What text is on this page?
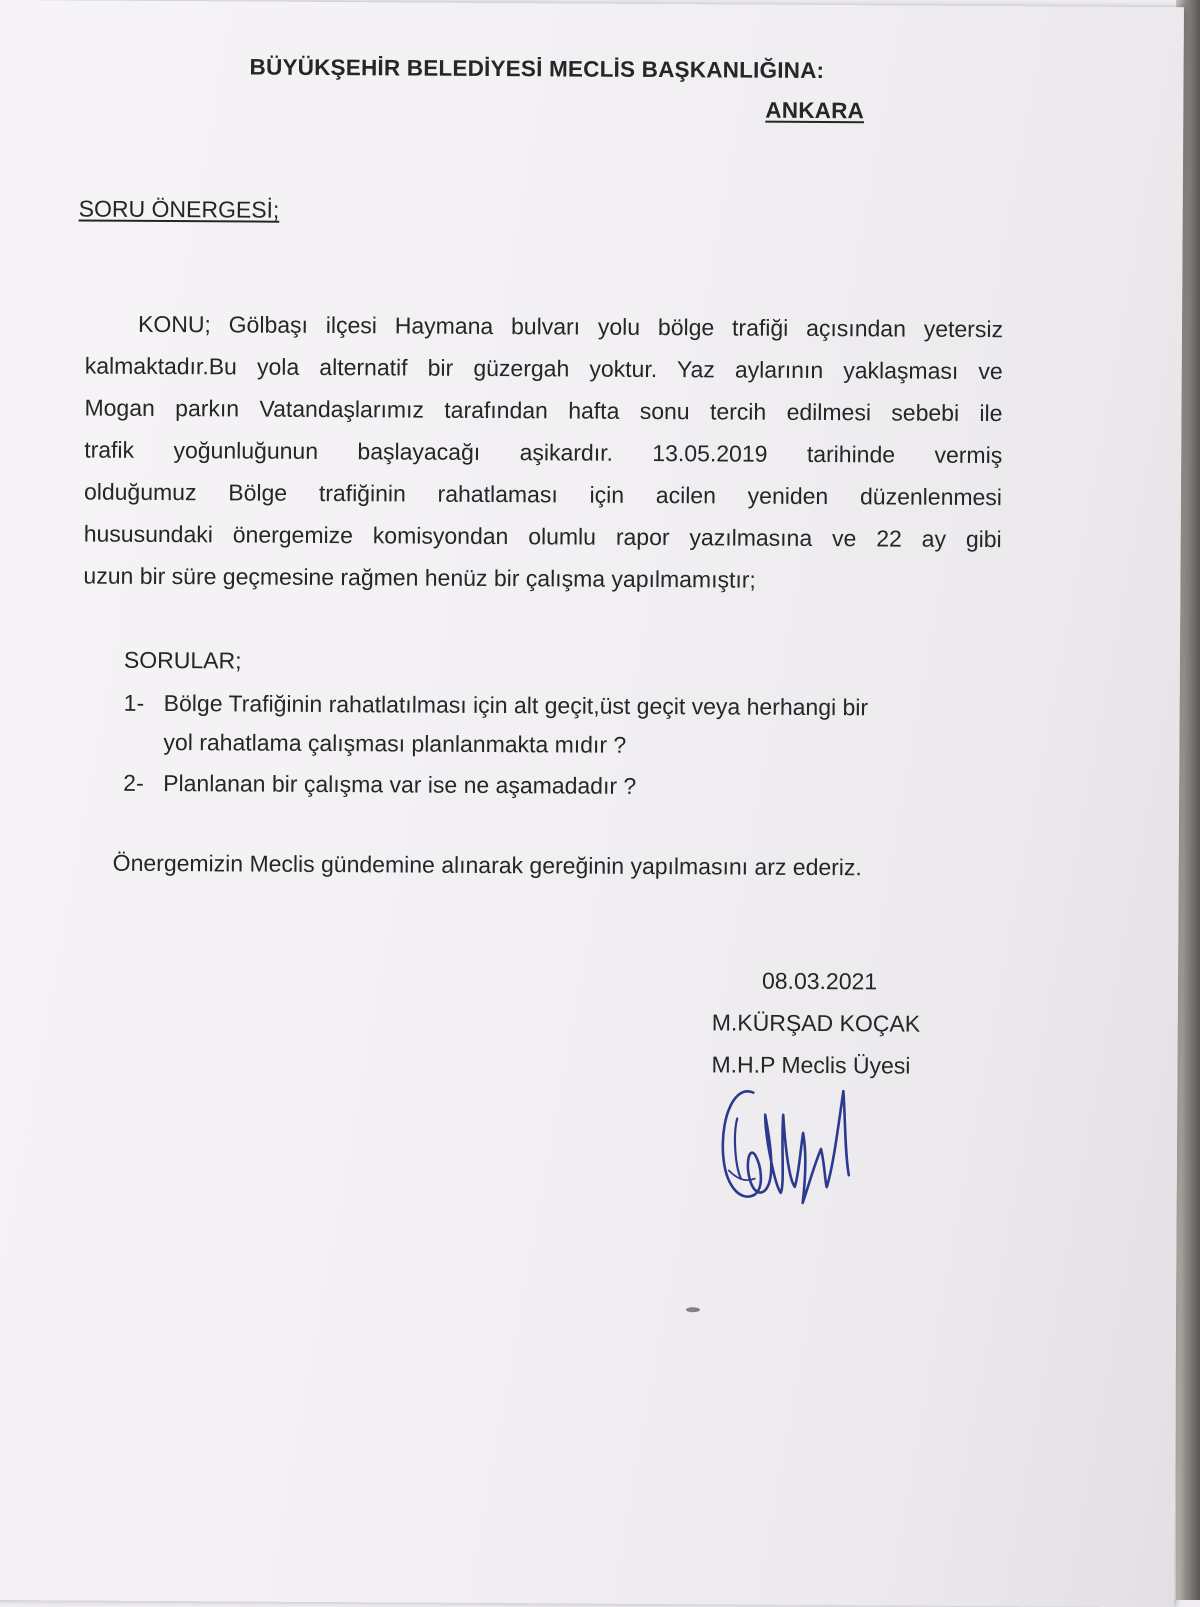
BÜYÜKŞEHİR BELEDİYESİ MECLİS BAŞKANLIĞINA:
ANKARA
SORU ÖNERGESİ;
KONU; Gölbaşı ilçesi Haymana bulvarı yolu bölge trafiği açısından yetersiz
kalmaktadır.Bu yola alternatif bir güzergah yoktur. Yaz aylarının yaklaşması ve
Mogan parkın Vatandaşlarımız tarafından hafta sonu tercih edilmesi sebebi ile
trafik yoğunluğunun başlayacağı aşikardır. 13.05.2019 tarihinde vermiş
olduğumuz Bölge trafiğinin rahatlaması için acilen yeniden düzenlenmesi
hususundaki önergemize komisyondan olumlu rapor yazılmasına ve 22 ay gibi
uzun bir süre geçmesine rağmen henüz bir çalışma yapılmamıştır;
SORULAR;
1- Bölge Trafiğinin rahatlatılması için alt geçit,üst geçit veya herhangi bir
yol rahatlama çalışması planlanmakta mıdır ?
2- Planlanan bir çalışma var ise ne aşamadadır ?
Önergemizin Meclis gündemine alınarak gereğinin yapılmasını arz ederiz.
08.03.2021
M.KÜRŞAD KOÇAK
M.H.P Meclis Üyesi
